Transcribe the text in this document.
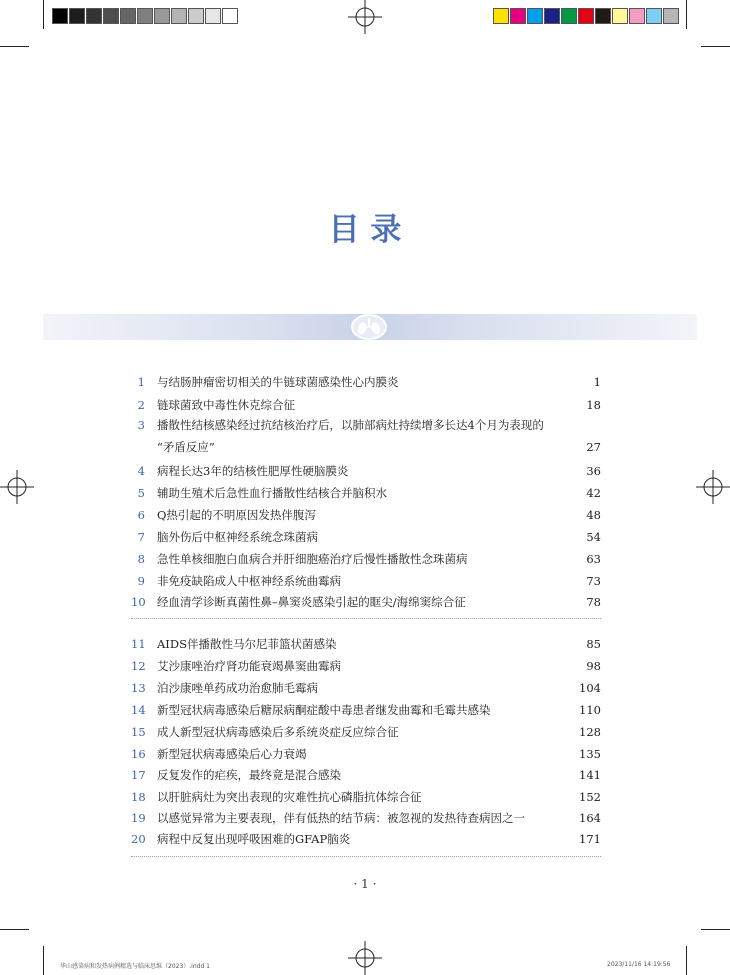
目 录
1 与结肠肿瘤密切相关的牛链球菌感染性心内膜炎	1
2 链球菌致中毒性休克综合征	18
3 播散性结核感染经过抗结核治疗后，以肺部病灶持续增多长达4个月为表现的
“矛盾反应”	27
4 病程长达3年的结核性肥厚性硬脑膜炎	36
5 辅助生殖术后急性血行播散性结核合并脑积水	42
6 Q热引起的不明原因发热伴腹泻	48
7 脑外伤后中枢神经系统念珠菌病	54
8 急性单核细胞白血病合并肝细胞癌治疗后慢性播散性念珠菌病	63
9 非免疫缺陷成人中枢神经系统曲霉病	73
10 经血清学诊断真菌性鼻–鼻窦炎感染引起的眶尖/海绵窦综合征	78
11 AIDS伴播散性马尔尼菲篮状菌感染	85
12 艾沙康唑治疗肾功能衰竭鼻窦曲霉病	98
13 泊沙康唑单药成功治愈肺毛霉病	104
14 新型冠状病毒感染后糖尿病酮症酸中毒患者继发曲霉和毛霉共感染	110
15 成人新型冠状病毒感染后多系统炎症反应综合征	128
16 新型冠状病毒感染后心力衰竭	135
17 反复发作的疟疾，最终竟是混合感染	141
18 以肝脏病灶为突出表现的灾难性抗心磷脂抗体综合征	152
19 以感觉异常为主要表现，伴有低热的结节病：被忽视的发热待查病因之一	164
20 病程中反复出现呼吸困难的GFAP脑炎	171
· 1 ·
华山感染病和发热病例精选与临床思维（2023）.indd 1	2023/11/16 14:19:56
